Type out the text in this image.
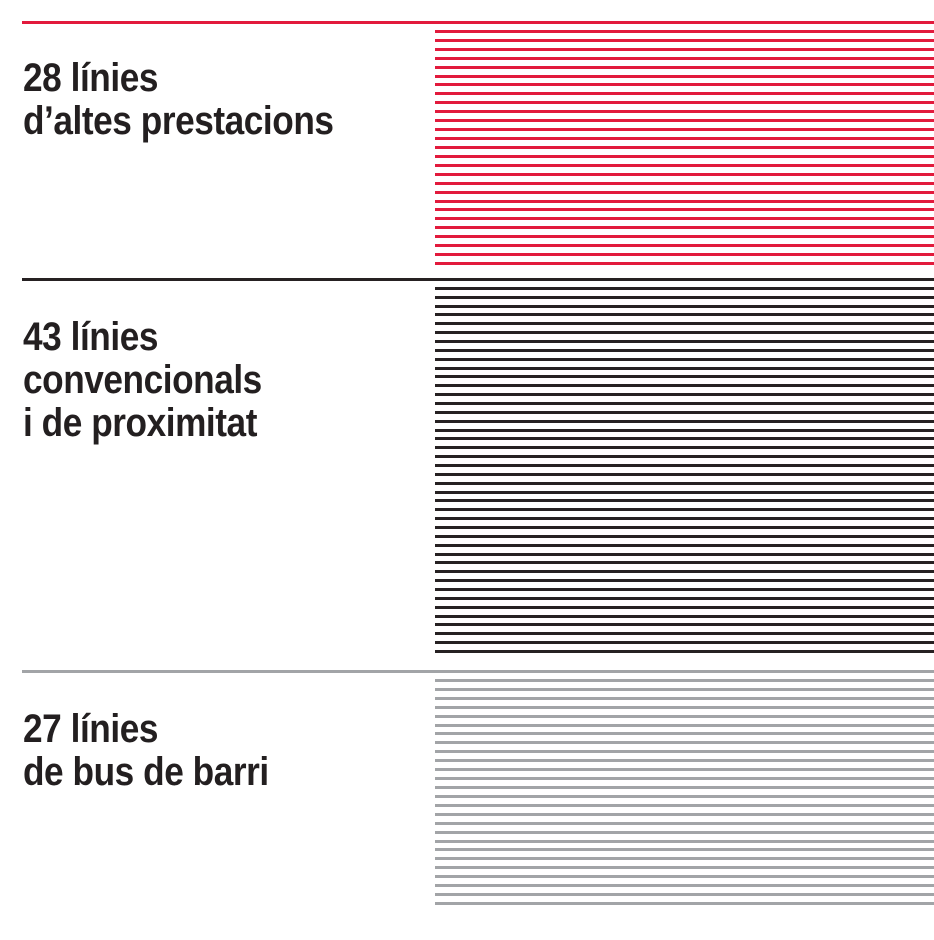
28 línies
d’altes prestacions
43 línies
convencionals
i de proximitat
27 línies
de bus de barri
